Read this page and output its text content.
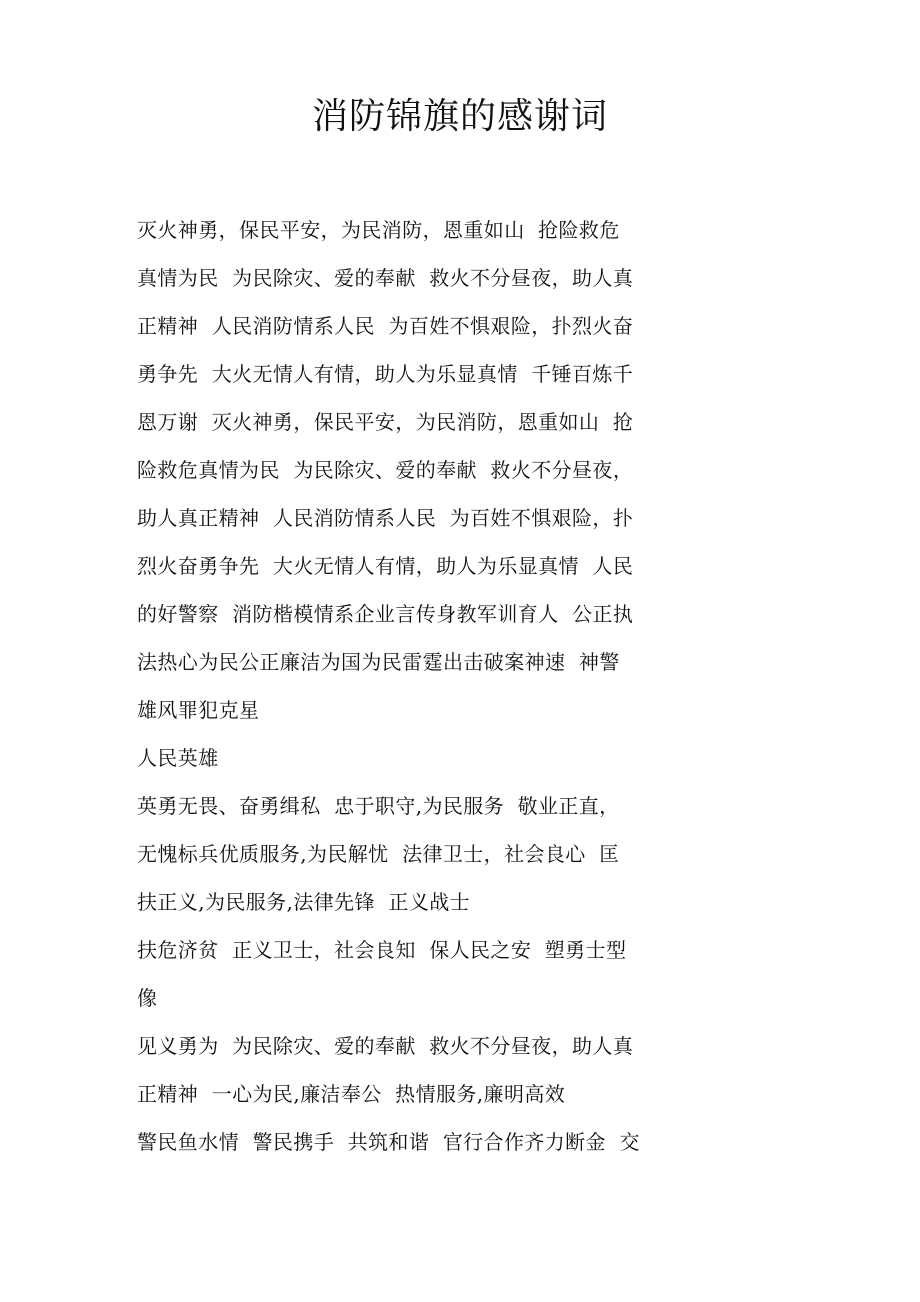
消防锦旗的感谢词
灭火神勇，保民平安，为民消防，恩重如山  抢险救危
真情为民  为民除灾、爱的奉献  救火不分昼夜，助人真
正精神  人民消防情系人民  为百姓不惧艰险，扑烈火奋
勇争先  大火无情人有情，助人为乐显真情  千锤百炼千
恩万谢  灭火神勇，保民平安，为民消防，恩重如山  抢
险救危真情为民  为民除灾、爱的奉献  救火不分昼夜，
助人真正精神  人民消防情系人民  为百姓不惧艰险，扑
烈火奋勇争先  大火无情人有情，助人为乐显真情  人民
的好警察  消防楷模情系企业言传身教军训育人  公正执
法热心为民公正廉洁为国为民雷霆出击破案神速  神警
雄风罪犯克星
人民英雄
英勇无畏、奋勇缉私  忠于职守,为民服务  敬业正直，
无愧标兵优质服务,为民解忧  法律卫士，社会良心  匡
扶正义,为民服务,法律先锋  正义战士
扶危济贫  正义卫士，社会良知  保人民之安  塑勇士型
像
见义勇为  为民除灾、爱的奉献  救火不分昼夜，助人真
正精神  一心为民,廉洁奉公  热情服务,廉明高效
警民鱼水情  警民携手  共筑和谐  官行合作齐力断金  交
